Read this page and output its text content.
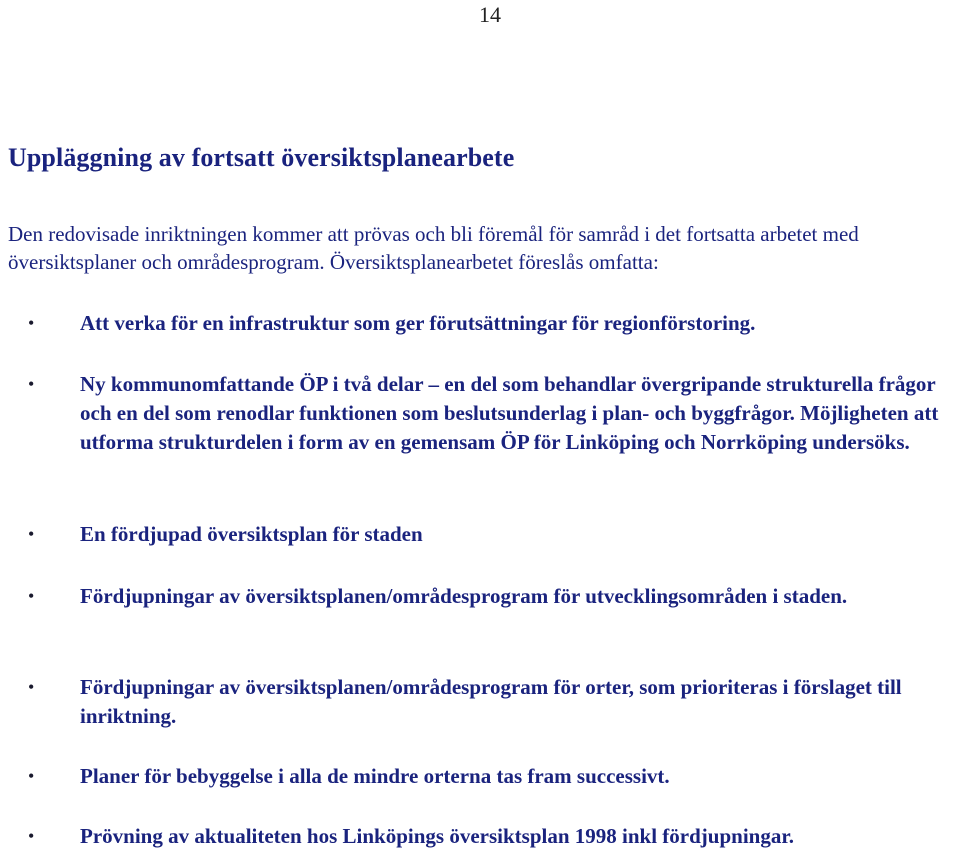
14
Uppläggning av fortsatt översiktsplanearbete

Den redovisade inriktningen kommer att prövas och bli föremål för samråd i det fortsatta arbetet med översiktsplaner och områdesprogram. Översiktsplanearbetet föreslås omfatta:

• Att verka för en infrastruktur som ger förutsättningar för regionförstoring.
• Ny kommunomfattande ÖP i två delar – en del som behandlar övergripande strukturella frågor och en del som renodlar funktionen som beslutsunderlag i plan- och byggfrågor. Möjligheten att utforma strukturdelen i form av en gemensam ÖP för Linköping och Norrköping undersöks.
• En fördjupad översiktsplan för staden
• Fördjupningar av översiktsplanen/områdesprogram för utvecklingsområden i staden.
• Fördjupningar av översiktsplanen/områdesprogram för orter, som prioriteras i förslaget till inriktning.
• Planer för bebyggelse i alla de mindre orterna tas fram successivt.
• Prövning av aktualiteten hos Linköpings översiktsplan 1998 inkl fördjupningar.
